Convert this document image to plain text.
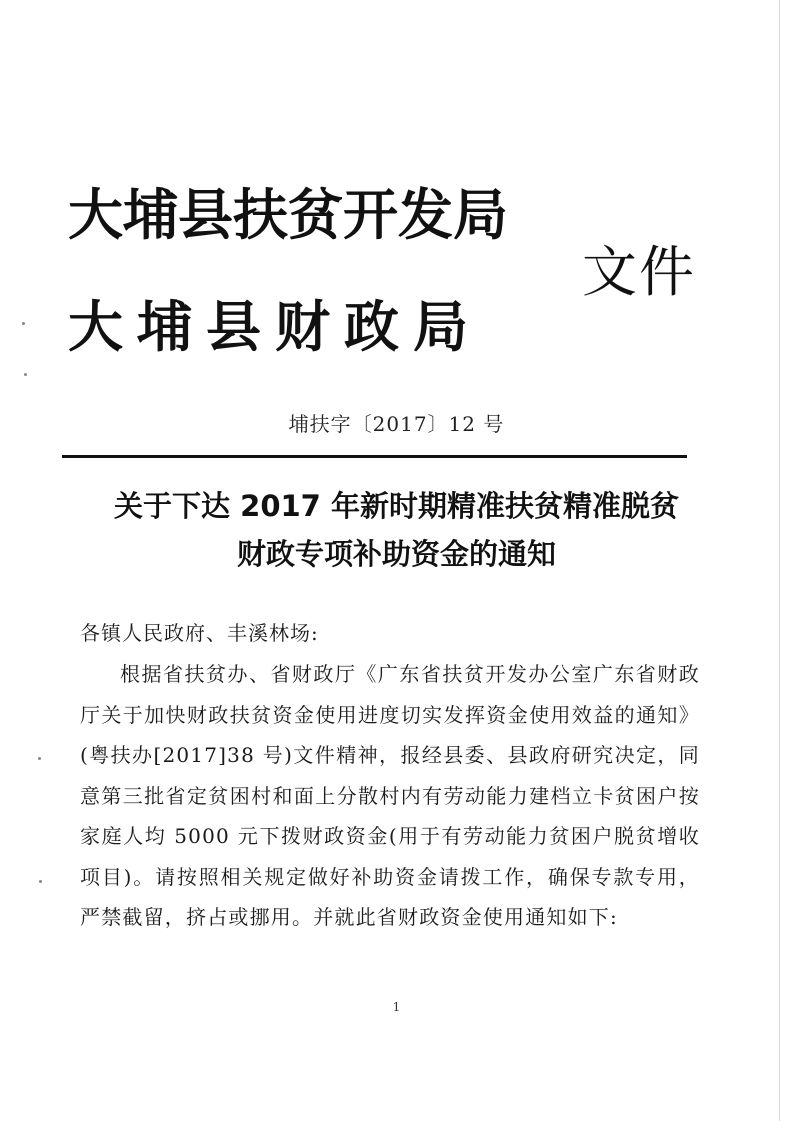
大埔县扶贫开发局
大埔县财政局
文件
埔扶字〔2017〕12 号
关于下达 2017 年新时期精准扶贫精准脱贫
财政专项补助资金的通知
各镇人民政府、丰溪林场:
根据省扶贫办、省财政厅《广东省扶贫开发办公室广东省财政厅关于加快财政扶贫资金使用进度切实发挥资金使用效益的通知》(粤扶办[2017]38 号)文件精神，报经县委、县政府研究决定，同意第三批省定贫困村和面上分散村内有劳动能力建档立卡贫困户按家庭人均 5000 元下拨财政资金(用于有劳动能力贫困户脱贫增收项目)。请按照相关规定做好补助资金请拨工作，确保专款专用，严禁截留，挤占或挪用。并就此省财政资金使用通知如下:
1
